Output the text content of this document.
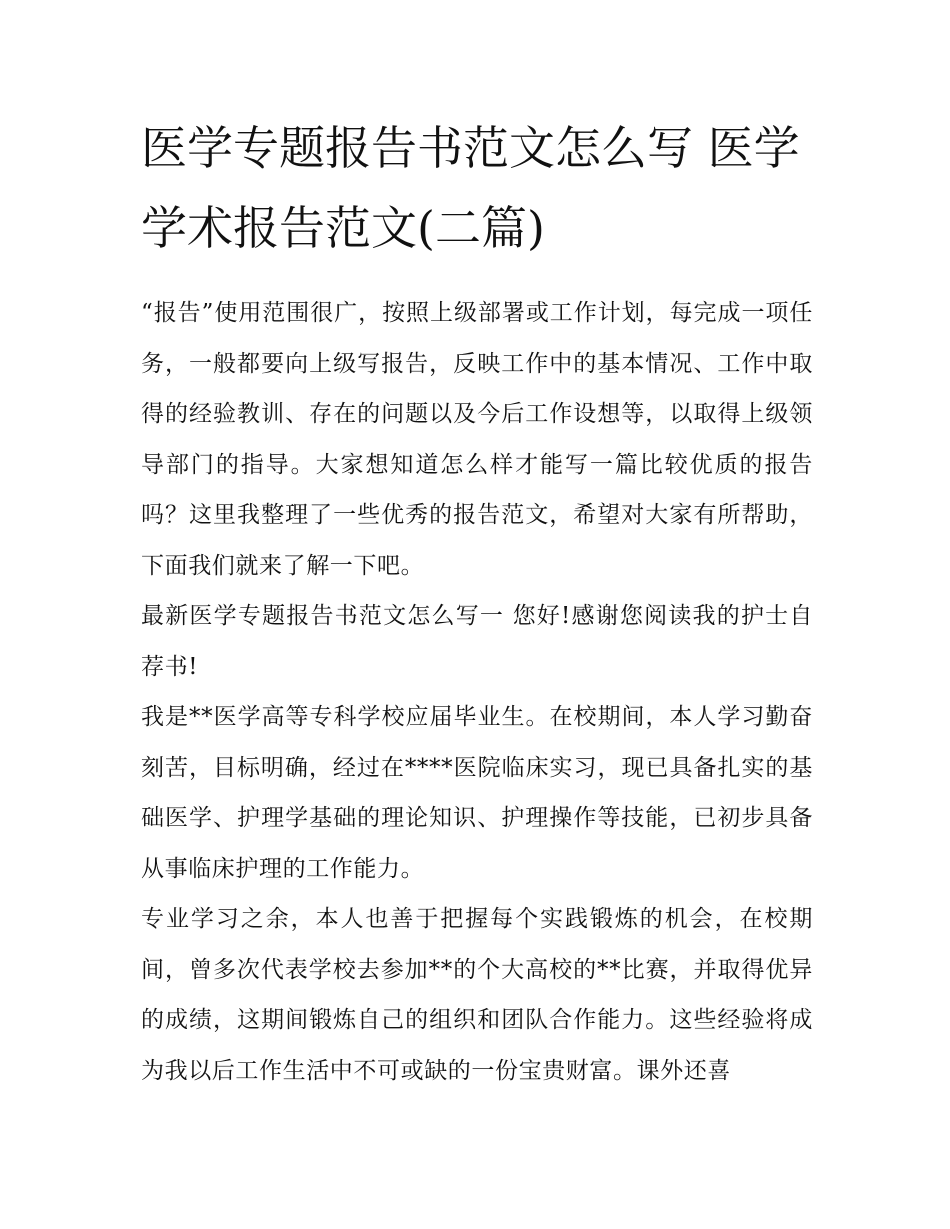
医学专题报告书范文怎么写 医学学术报告范文(二篇)

“报告”使用范围很广，按照上级部署或工作计划，每完成一项任务，一般都要向上级写报告，反映工作中的基本情况、工作中取得的经验教训、存在的问题以及今后工作设想等，以取得上级领导部门的指导。大家想知道怎么样才能写一篇比较优质的报告吗？这里我整理了一些优秀的报告范文，希望对大家有所帮助，下面我们就来了解一下吧。

最新医学专题报告书范文怎么写一 您好!感谢您阅读我的护士自荐书!

我是**医学高等专科学校应届毕业生。在校期间，本人学习勤奋刻苦，目标明确，经过在****医院临床实习，现已具备扎实的基础医学、护理学基础的理论知识、护理操作等技能，已初步具备从事临床护理的工作能力。

专业学习之余，本人也善于把握每个实践锻炼的机会，在校期间，曾多次代表学校去参加**的个大高校的**比赛，并取得优异的成绩，这期间锻炼自己的组织和团队合作能力。这些经验将成为我以后工作生活中不可或缺的一份宝贵财富。课外还喜
